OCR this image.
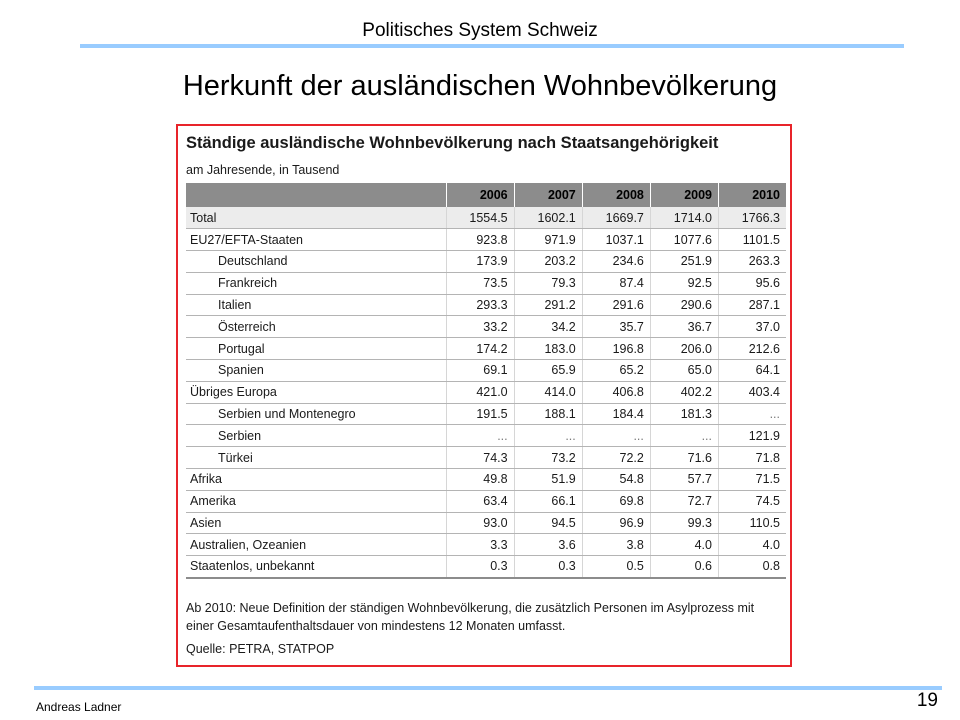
Politisches System Schweiz
Herkunft der ausländischen Wohnbevölkerung
Ständige ausländische Wohnbevölkerung nach Staatsangehörigkeit
am Jahresende, in Tausend
	2006	2007	2008	2009	2010
Total	1554.5	1602.1	1669.7	1714.0	1766.3
EU27/EFTA-Staaten	923.8	971.9	1037.1	1077.6	1101.5
Deutschland	173.9	203.2	234.6	251.9	263.3
Frankreich	73.5	79.3	87.4	92.5	95.6
Italien	293.3	291.2	291.6	290.6	287.1
Österreich	33.2	34.2	35.7	36.7	37.0
Portugal	174.2	183.0	196.8	206.0	212.6
Spanien	69.1	65.9	65.2	65.0	64.1
Übriges Europa	421.0	414.0	406.8	402.2	403.4
Serbien und Montenegro	191.5	188.1	184.4	181.3	...
Serbien	...	...	...	...	121.9
Türkei	74.3	73.2	72.2	71.6	71.8
Afrika	49.8	51.9	54.8	57.7	71.5
Amerika	63.4	66.1	69.8	72.7	74.5
Asien	93.0	94.5	96.9	99.3	110.5
Australien, Ozeanien	3.3	3.6	3.8	4.0	4.0
Staatenlos, unbekannt	0.3	0.3	0.5	0.6	0.8
Ab 2010: Neue Definition der ständigen Wohnbevölkerung, die zusätzlich Personen im Asylprozess mit einer Gesamtaufenthaltsdauer von mindestens 12 Monaten umfasst.
Quelle: PETRA, STATPOP
Andreas Ladner	19
